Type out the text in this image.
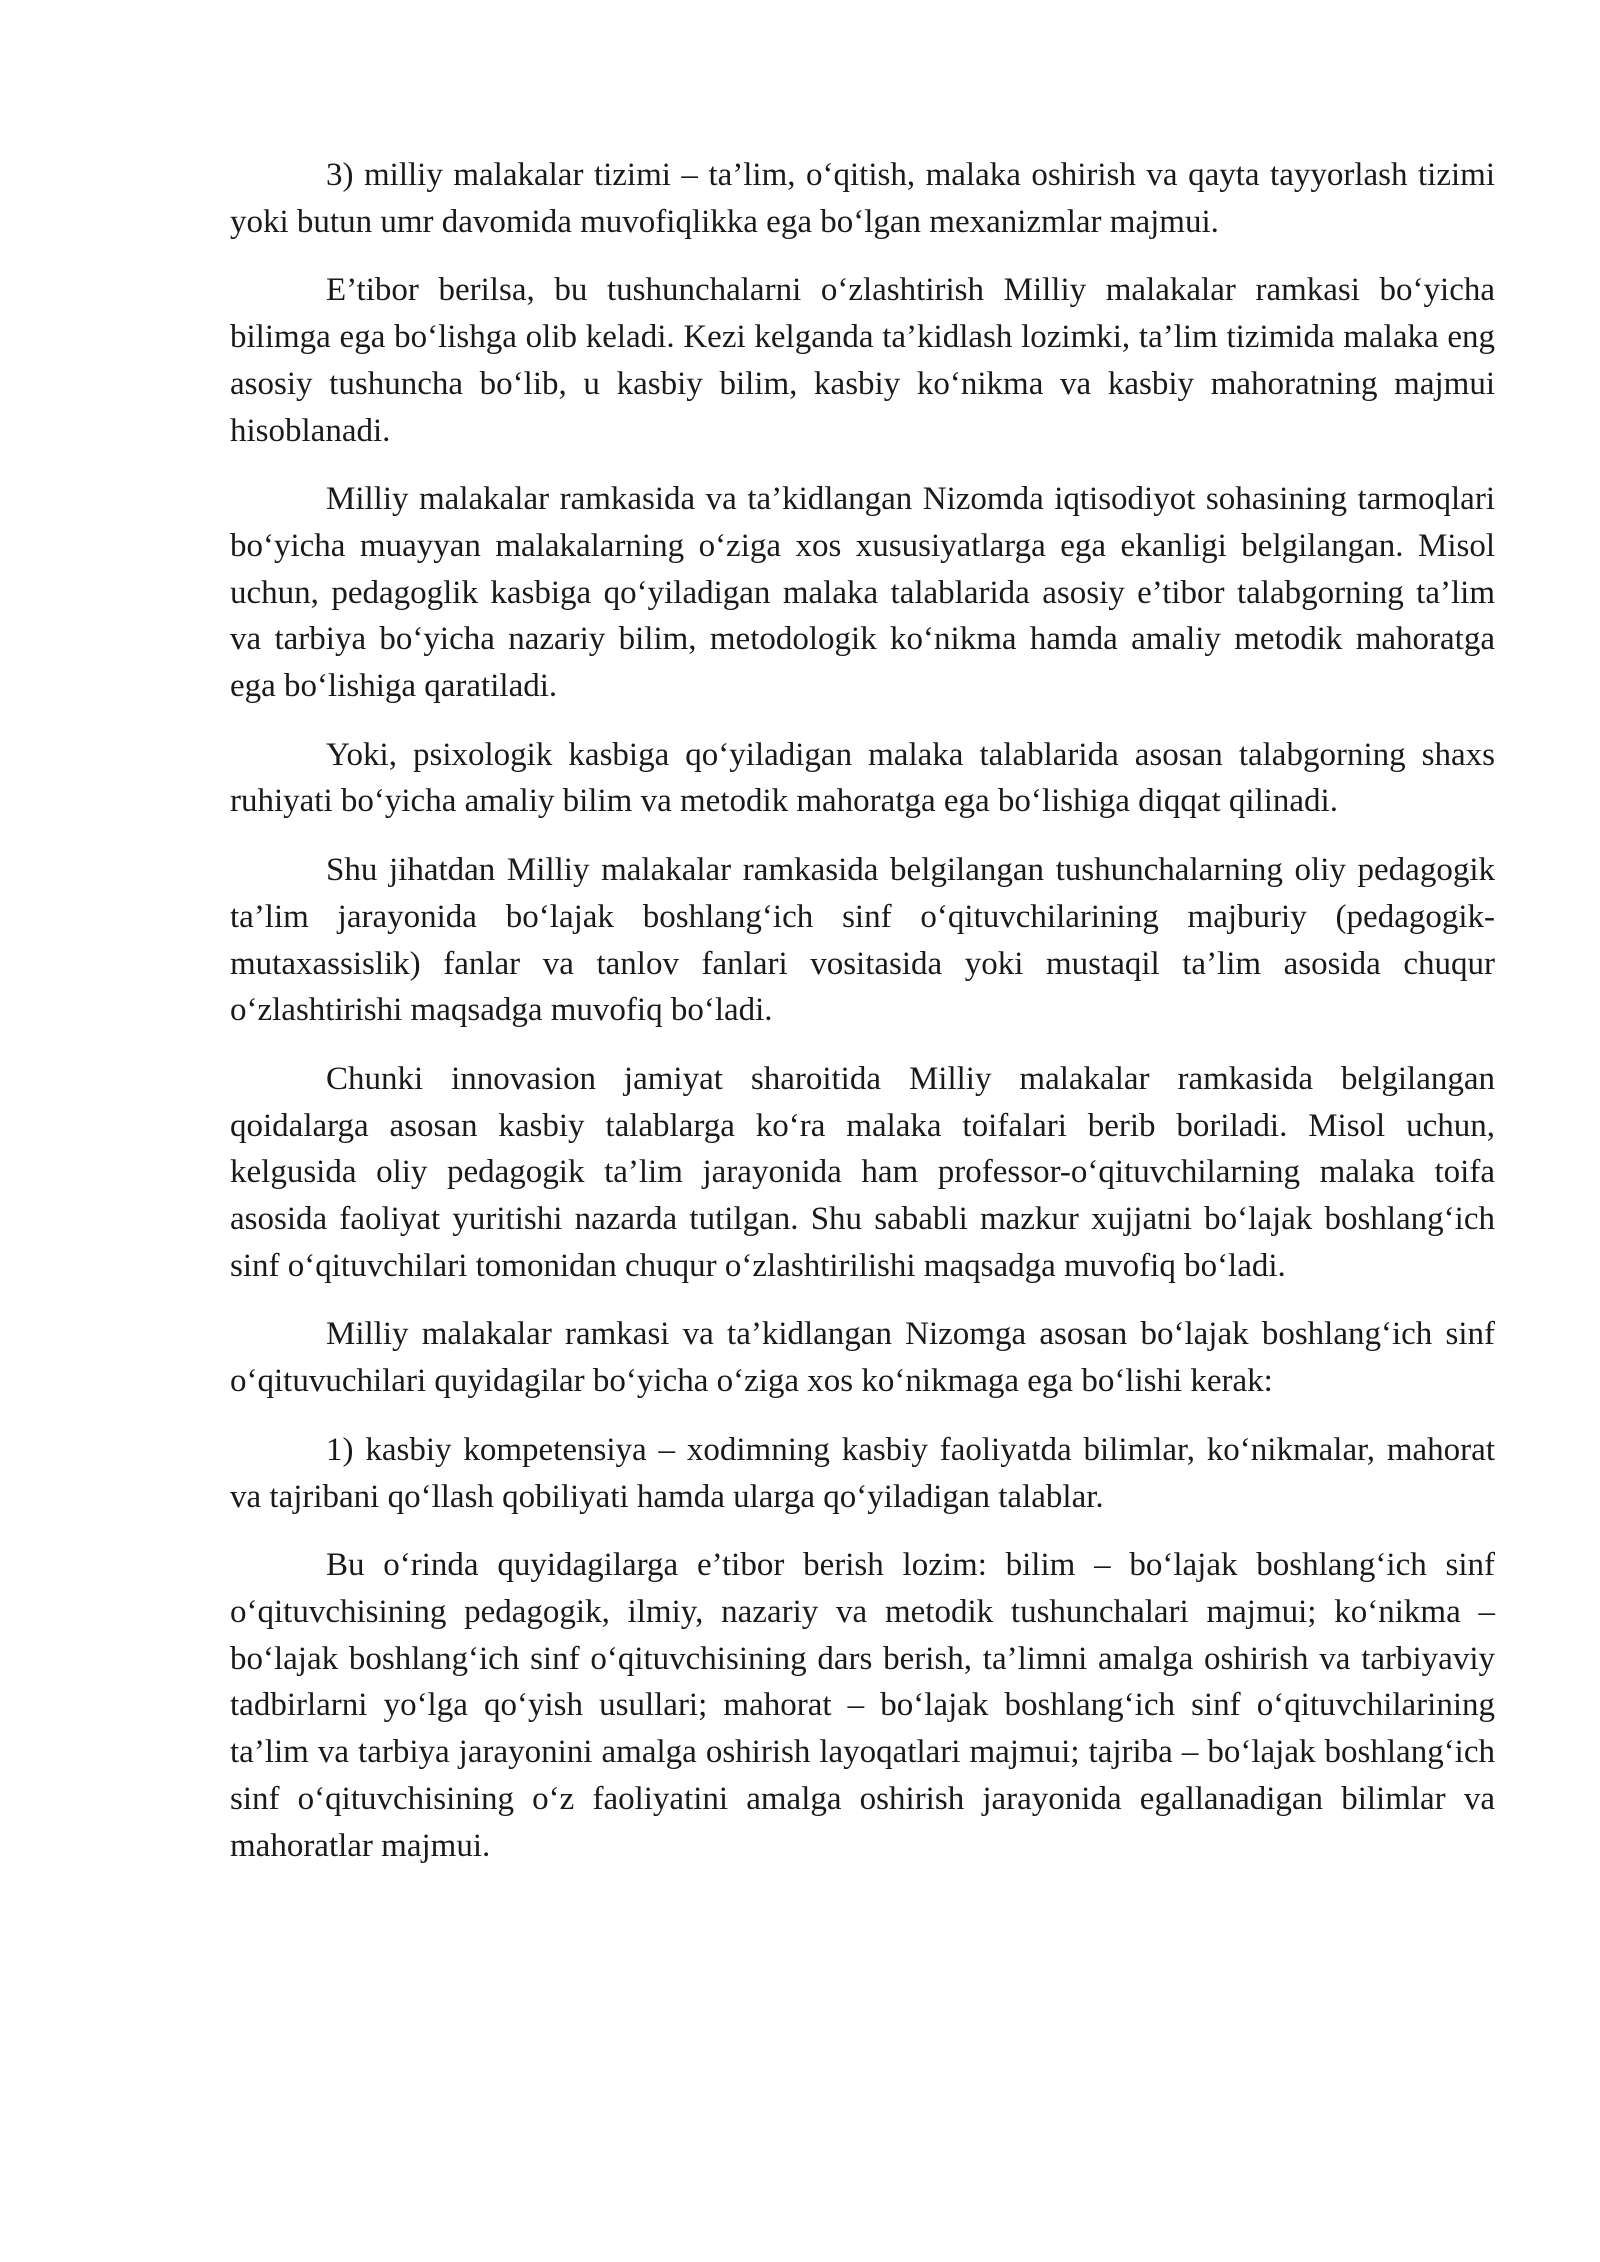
3) milliy malakalar tizimi – ta’lim, o‘qitish, malaka oshirish va qayta tayyorlash tizimi yoki butun umr davomida muvofiqlikka ega bo‘lgan mexanizmlar majmui.

E’tibor berilsa, bu tushunchalarni o‘zlashtirish Milliy malakalar ramkasi bo‘yicha bilimga ega bo‘lishga olib keladi. Kezi kelganda ta’kidlash lozimki, ta’lim tizimida malaka eng asosiy tushuncha bo‘lib, u kasbiy bilim, kasbiy ko‘nikma va kasbiy mahoratning majmui hisoblanadi.

Milliy malakalar ramkasida va ta’kidlangan Nizomda iqtisodiyot sohasining tarmoqlari bo‘yicha muayyan malakalarning o‘ziga xos xususiyatlarga ega ekanligi belgilangan. Misol uchun, pedagoglik kasbiga qo‘yiladigan malaka talablarida asosiy e’tibor talabgorning ta’lim va tarbiya bo‘yicha nazariy bilim, metodologik ko‘nikma hamda amaliy metodik mahoratga ega bo‘lishiga qaratiladi.

Yoki, psixologik kasbiga qo‘yiladigan malaka talablarida asosan talabgorning shaxs ruhiyati bo‘yicha amaliy bilim va metodik mahoratga ega bo‘lishiga diqqat qilinadi.

Shu jihatdan Milliy malakalar ramkasida belgilangan tushunchalarning oliy pedagogik ta’lim jarayonida bo‘lajak boshlang‘ich sinf o‘qituvchilarining majburiy (pedagogik-mutaxassislik) fanlar va tanlov fanlari vositasida yoki mustaqil ta’lim asosida chuqur o‘zlashtirishi maqsadga muvofiq bo‘ladi.

Chunki innovasion jamiyat sharoitida Milliy malakalar ramkasida belgilangan qoidalarga asosan kasbiy talablarga ko‘ra malaka toifalari berib boriladi. Misol uchun, kelgusida oliy pedagogik ta’lim jarayonida ham professor-o‘qituvchilarning malaka toifa asosida faoliyat yuritishi nazarda tutilgan. Shu sababli mazkur xujjatni bo‘lajak boshlang‘ich sinf o‘qituvchilari tomonidan chuqur o‘zlashtirilishi maqsadga muvofiq bo‘ladi.

Milliy malakalar ramkasi va ta’kidlangan Nizomga asosan bo‘lajak boshlang‘ich sinf o‘qituvuchilari quyidagilar bo‘yicha o‘ziga xos ko‘nikmaga ega bo‘lishi kerak:

1) kasbiy kompetensiya – xodimning kasbiy faoliyatda bilimlar, ko‘nikmalar, mahorat va tajribani qo‘llash qobiliyati hamda ularga qo‘yiladigan talablar.

Bu o‘rinda quyidagilarga e’tibor berish lozim: bilim – bo‘lajak boshlang‘ich sinf o‘qituvchisining pedagogik, ilmiy, nazariy va metodik tushunchalari majmui; ko‘nikma – bo‘lajak boshlang‘ich sinf o‘qituvchisining dars berish, ta’limni amalga oshirish va tarbiyaviy tadbirlarni yo‘lga qo‘yish usullari; mahorat – bo‘lajak boshlang‘ich sinf o‘qituvchilarining ta’lim va tarbiya jarayonini amalga oshirish layoqatlari majmui; tajriba – bo‘lajak boshlang‘ich sinf o‘qituvchisining o‘z faoliyatini amalga oshirish jarayonida egallanadigan bilimlar va mahoratlar majmui.
